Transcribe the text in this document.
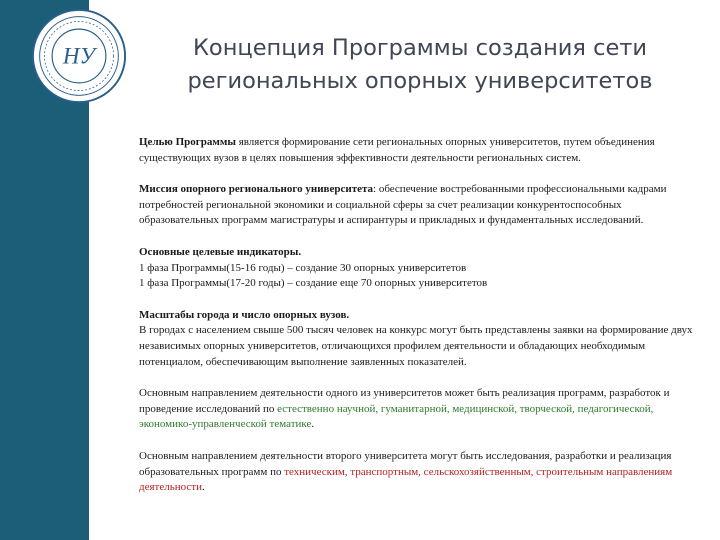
НУ	Концепция Программы создания сети
региональных опорных университетов

Целью Программы является формирование сети региональных опорных университетов, путем объединения существующих вузов в целях повышения эффективности деятельности региональных систем.

Миссия опорного регионального университета: обеспечение востребованными профессиональными кадрами потребностей региональной экономики и социальной сферы за счет реализации конкурентоспособных образовательных программ магистратуры и аспирантуры и прикладных и фундаментальных исследований.

Основные целевые индикаторы.
1 фаза Программы(15-16 годы) – создание 30 опорных университетов
1 фаза Программы(17-20 годы) – создание еще 70 опорных университетов

Масштабы города и число опорных вузов.
В городах с населением свыше 500 тысяч человек на конкурс могут быть представлены заявки на формирование двух независимых опорных университетов, отличающихся профилем деятельности и обладающих необходимым потенциалом, обеспечивающим выполнение заявленных показателей.

Основным направлением деятельности одного из университетов может быть реализация программ, разработок и проведение исследований по естественно научной, гуманитарной, медицинской, творческой, педагогической, экономико-управленческой тематике.

Основным направлением деятельности второго университета могут быть исследования, разработки и реализация образовательных программ по техническим, транспортным, сельскохозяйственным, строительным направлениям деятельности.
